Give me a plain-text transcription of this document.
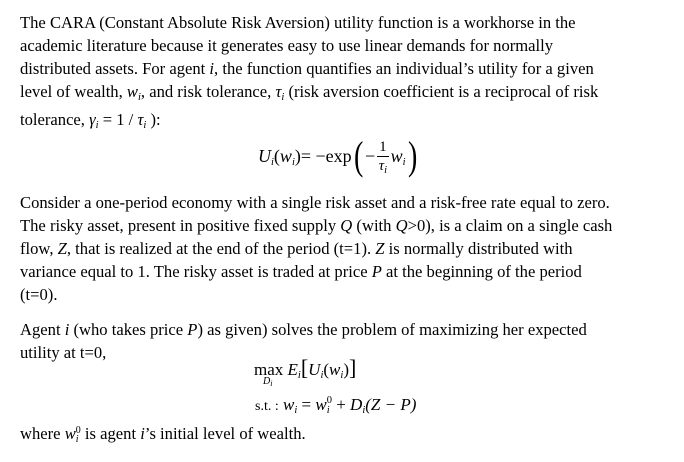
The CARA (Constant Absolute Risk Aversion) utility function is a workhorse in the
academic literature because it generates easy to use linear demands for normally
distributed assets. For agent i, the function quantifies an individual’s utility for a given
level of wealth, wi, and risk tolerance, τi (risk aversion coefficient is a reciprocal of risk
tolerance, γi = 1 / τi ):
$Ui(wi)= -\exp( - \frac{1}{\tau_i} wi)$
Consider a one-period economy with a single risk asset and a risk-free rate equal to zero.
The risky asset, present in positive fixed supply Q (with Q>0), is a claim on a single cash
flow, Z, that is realized at the end of the period (t=1). Z is normally distributed with
variance equal to 1. The risky asset is traded at price P at the beginning of the period
(t=0).
Agent i (who takes price P) as given) solves the problem of maximizing her expected
utility at t=0,
max Ei[Ui(wi)]
$D_i$
s.t. : wi = w 0
i + Di(Z − P)
where w 0
i is agent i’s initial level of wealth.
